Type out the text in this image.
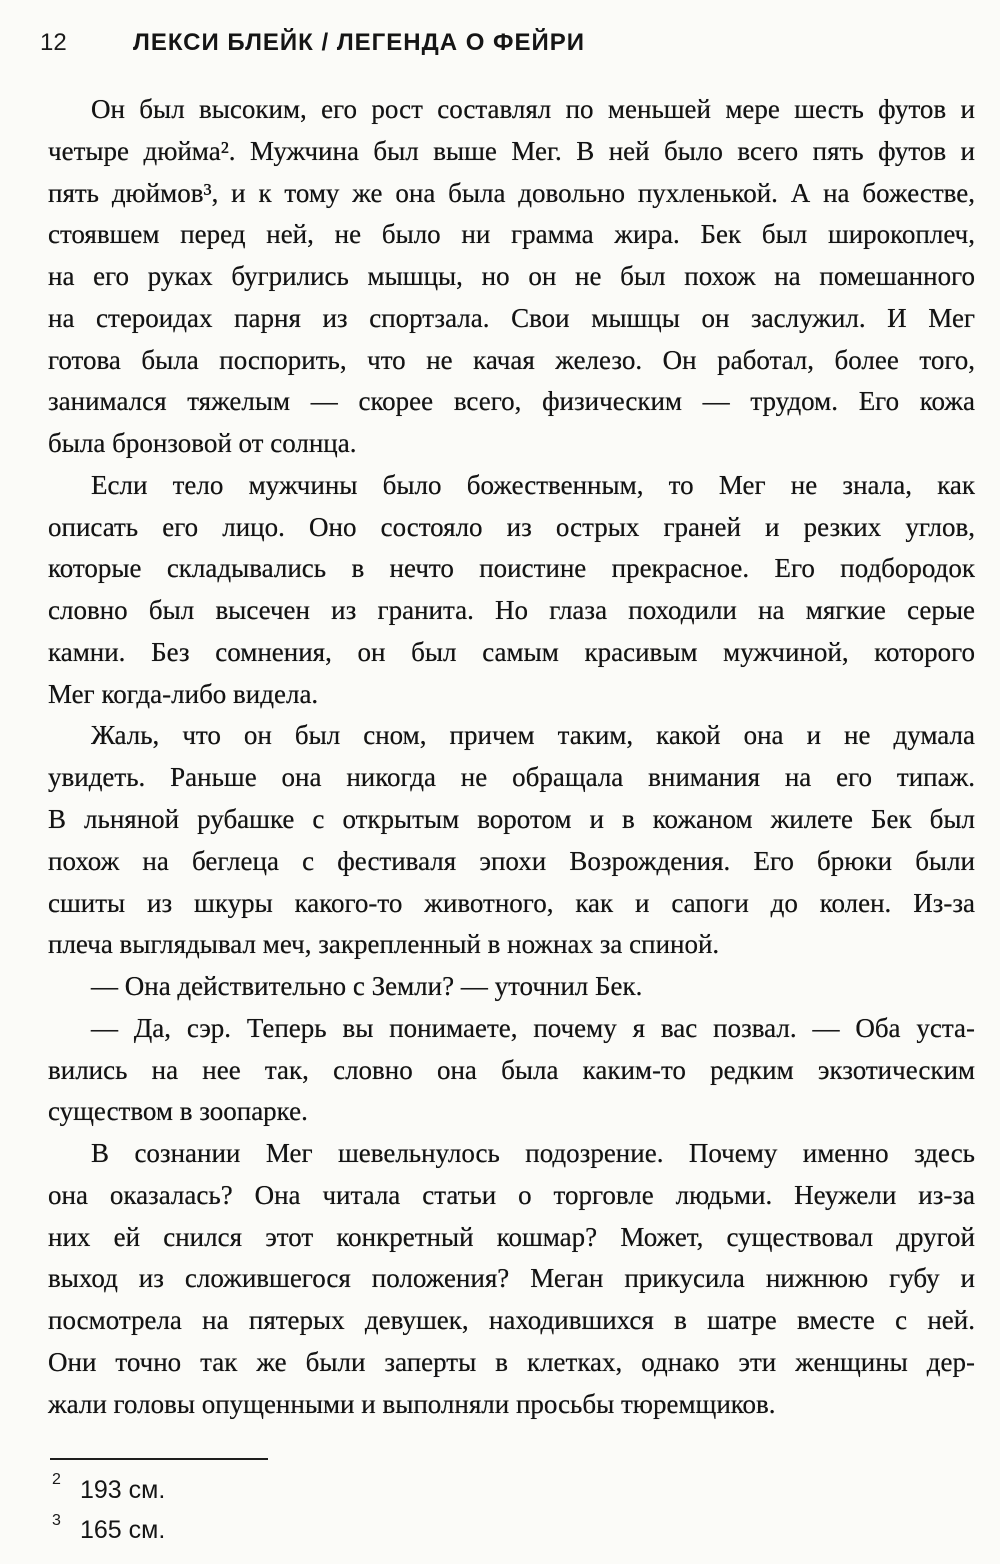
12	ЛЕКСИ БЛЕЙК / ЛЕГЕНДА О ФЕЙРИ
Он был высоким, его рост составлял по меньшей мере шесть футов и
четыре дюйма². Мужчина был выше Мег. В ней было всего пять футов и
пять дюймов³, и к тому же она была довольно пухленькой. А на божестве,
стоявшем перед ней, не было ни грамма жира. Бек был широкоплеч,
на его руках бугрились мышцы, но он не был похож на помешанного
на стероидах парня из спортзала. Свои мышцы он заслужил. И Мег
готова была поспорить, что не качая железо. Он работал, более того,
занимался тяжелым — скорее всего, физическим — трудом. Его кожа
была бронзовой от солнца.
Если тело мужчины было божественным, то Мег не знала, как
описать его лицо. Оно состояло из острых граней и резких углов,
которые складывались в нечто поистине прекрасное. Его подбородок
словно был высечен из гранита. Но глаза походили на мягкие серые
камни. Без сомнения, он был самым красивым мужчиной, которого
Мег когда-либо видела.
Жаль, что он был сном, причем таким, какой она и не думала
увидеть. Раньше она никогда не обращала внимания на его типаж.
В льняной рубашке с открытым воротом и в кожаном жилете Бек был
похож на беглеца с фестиваля эпохи Возрождения. Его брюки были
сшиты из шкуры какого-то животного, как и сапоги до колен. Из-за
плеча выглядывал меч, закрепленный в ножнах за спиной.
— Она действительно с Земли? — уточнил Бек.
— Да, сэр. Теперь вы понимаете, почему я вас позвал. — Оба уста-
вились на нее так, словно она была каким-то редким экзотическим
существом в зоопарке.
В сознании Мег шевельнулось подозрение. Почему именно здесь
она оказалась? Она читала статьи о торговле людьми. Неужели из-за
них ей снился этот конкретный кошмар? Может, существовал другой
выход из сложившегося положения? Меган прикусила нижнюю губу и
посмотрела на пятерых девушек, находившихся в шатре вместе с ней.
Они точно так же были заперты в клетках, однако эти женщины дер-
жали головы опущенными и выполняли просьбы тюремщиков.
2 193 см.
3 165 см.
